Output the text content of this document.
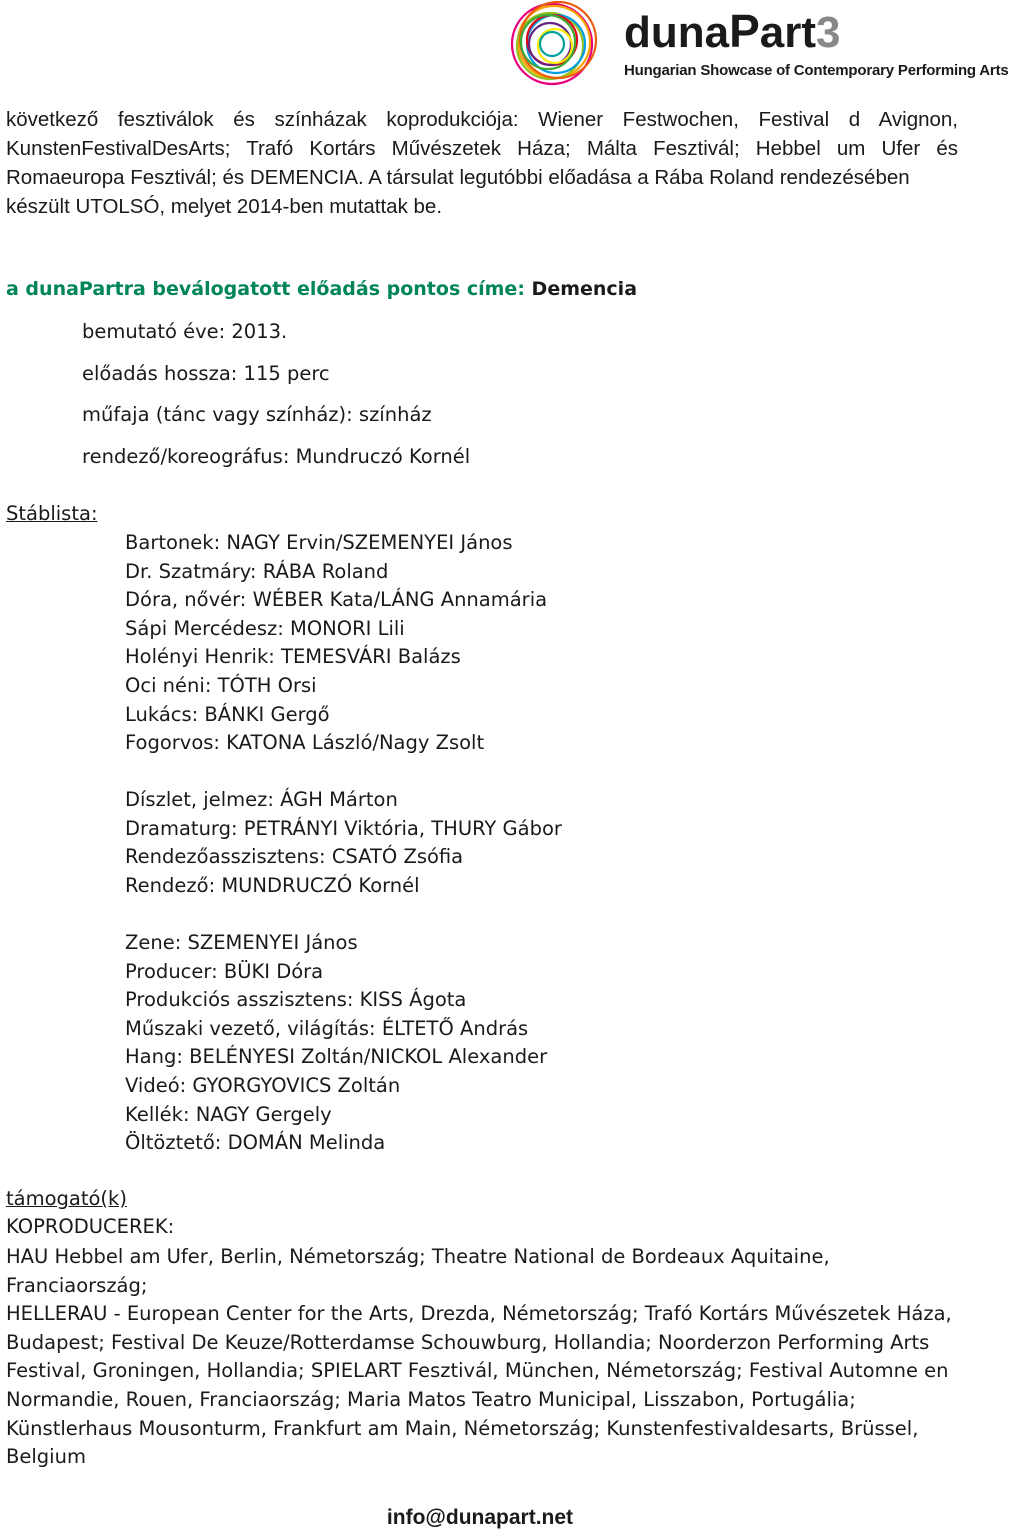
dunaPart3
Hungarian Showcase of Contemporary Performing Arts

következő fesztiválok és színházak koprodukciója: Wiener Festwochen, Festival d Avignon, KunstenFestivalDesArts; Trafó Kortárs Művészetek Háza; Málta Fesztivál; Hebbel um Ufer és Romaeuropa Fesztivál; és DEMENCIA. A társulat legutóbbi előadása a Rába Roland rendezésében

készült UTOLSÓ, melyet 2014-ben mutattak be.

a dunaPartra beválogatott előadás pontos címe: Demencia
bemutató éve: 2013.
előadás hossza: 115 perc
műfaja (tánc vagy színház): színház
rendező/koreográfus: Mundruczó Kornél
Stáblista:
Bartonek: NAGY Ervin/SZEMENYEI János
Dr. Szatmáry: RÁBA Roland
Dóra, nővér: WÉBER Kata/LÁNG Annamária
Sápi Mercédesz: MONORI Lili
Holényi Henrik: TEMESVÁRI Balázs
Oci néni: TÓTH Orsi
Lukács: BÁNKI Gergő
Fogorvos: KATONA László/Nagy Zsolt
Díszlet, jelmez: ÁGH Márton
Dramaturg: PETRÁNYI Viktória, THURY Gábor
Rendezőasszisztens: CSATÓ Zsófia
Rendező: MUNDRUCZÓ Kornél
Zene: SZEMENYEI János
Producer: BÜKI Dóra
Produkciós asszisztens: KISS Ágota
Műszaki vezető, világítás: ÉLTETŐ András
Hang: BELÉNYESI Zoltán/NICKOL Alexander
Videó: GYORGYOVICS Zoltán
Kellék: NAGY Gergely
Öltöztető: DOMÁN Melinda
támogató(k)
KOPRODUCEREK:
HAU Hebbel am Ufer, Berlin, Németország; Theatre National de Bordeaux Aquitaine, Franciaország;
HELLERAU - European Center for the Arts, Drezda, Németország; Trafó Kortárs Művészetek Háza,
Budapest; Festival De Keuze/Rotterdamse Schouwburg, Hollandia; Noorderzon Performing Arts
Festival, Groningen, Hollandia; SPIELART Fesztivál, München, Németország; Festival Automne en
Normandie, Rouen, Franciaország; Maria Matos Teatro Municipal, Lisszabon, Portugália;
Künstlerhaus Mousonturm, Frankfurt am Main, Németország; Kunstenfestivaldesarts, Brüssel,
Belgium
info@dunapart.net
